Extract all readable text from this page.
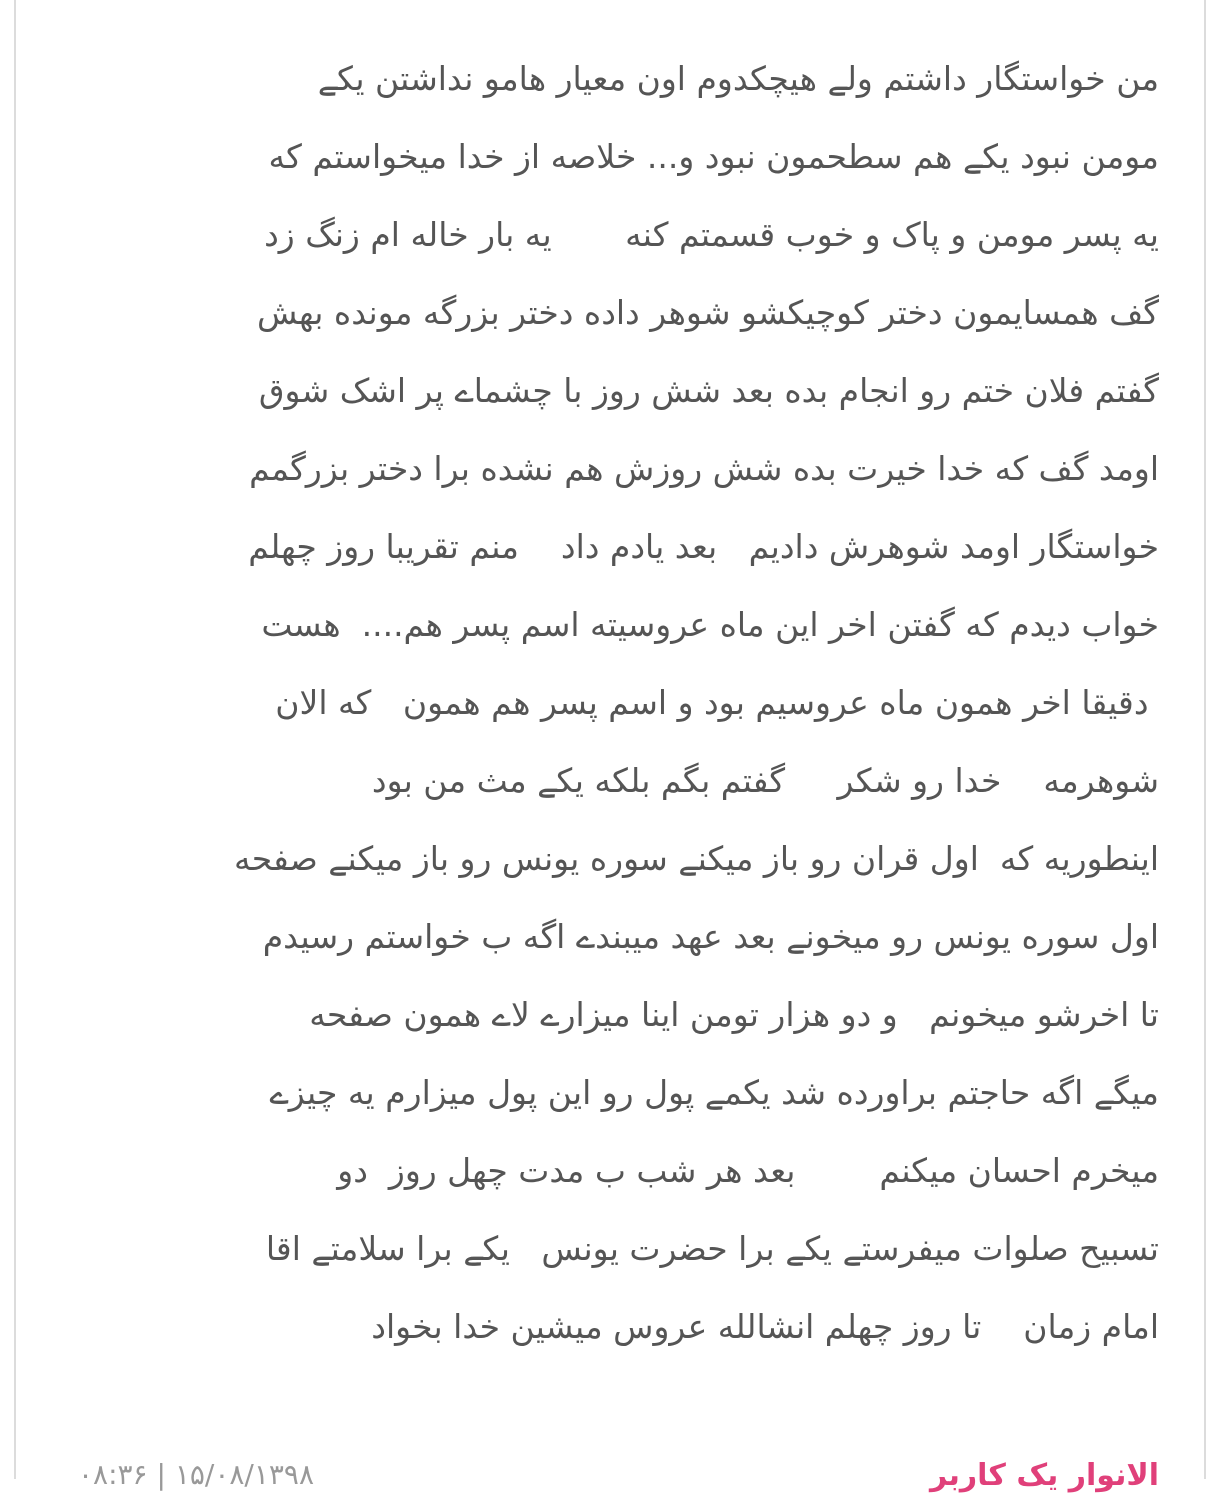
من خواستگار داشتم ولے هیچکدوم اون معیار هامو نداشتن یکے
مومن نبود یکے هم سطحمون نبود و... خلاصه از خدا میخواستم که
یه پسر مومن و پاک و خوب قسمتم کنه       یه بار خاله ام زنگ زد
گف همسایمون دختر کوچیکشو شوهر داده دختر بزرگه مونده بهش
گفتم فلان ختم رو انجام بده بعد شش روز با چشماے پر اشک شوق
اومد گف که خدا خیرت بده شش روزش هم نشده برا دختر بزرگمم
خواستگار اومد شوهرش دادیم   بعد یادم داد    منم تقریبا روز چهلم
خواب دیدم که گفتن اخر این ماه عروسیته اسم پسر هم....  هست
دقیقا اخر همون ماه عروسیم بود و اسم پسر هم همون   که الان
شوهرمه    خدا رو شکر     گفتم بگم بلکه یکے مث من بود
اینطوریه که  اول قران رو باز میکنے سوره یونس رو باز میکنے صفحه
اول سوره یونس رو میخونے بعد عهد میبندے اگه ب خواستم رسیدم
تا اخرشو میخونم   و دو هزار تومن اینا میزارے لاے همون صفحه
میگے اگه حاجتم براورده شد یکمے پول رو این پول میزارم یه چیزے
میخرم احسان میکنم        بعد هر شب ب مدت چهل روز  دو
تسبیح صلوات میفرستے یکے برا حضرت یونس   یکے برا سلامتے اقا
امام زمان    تا روز چهلم انشالله عروس میشین خدا بخواد
الانوار یک کاربر
۱۵/۰۸/۱۳۹۸ | ۰۸:۳۶
